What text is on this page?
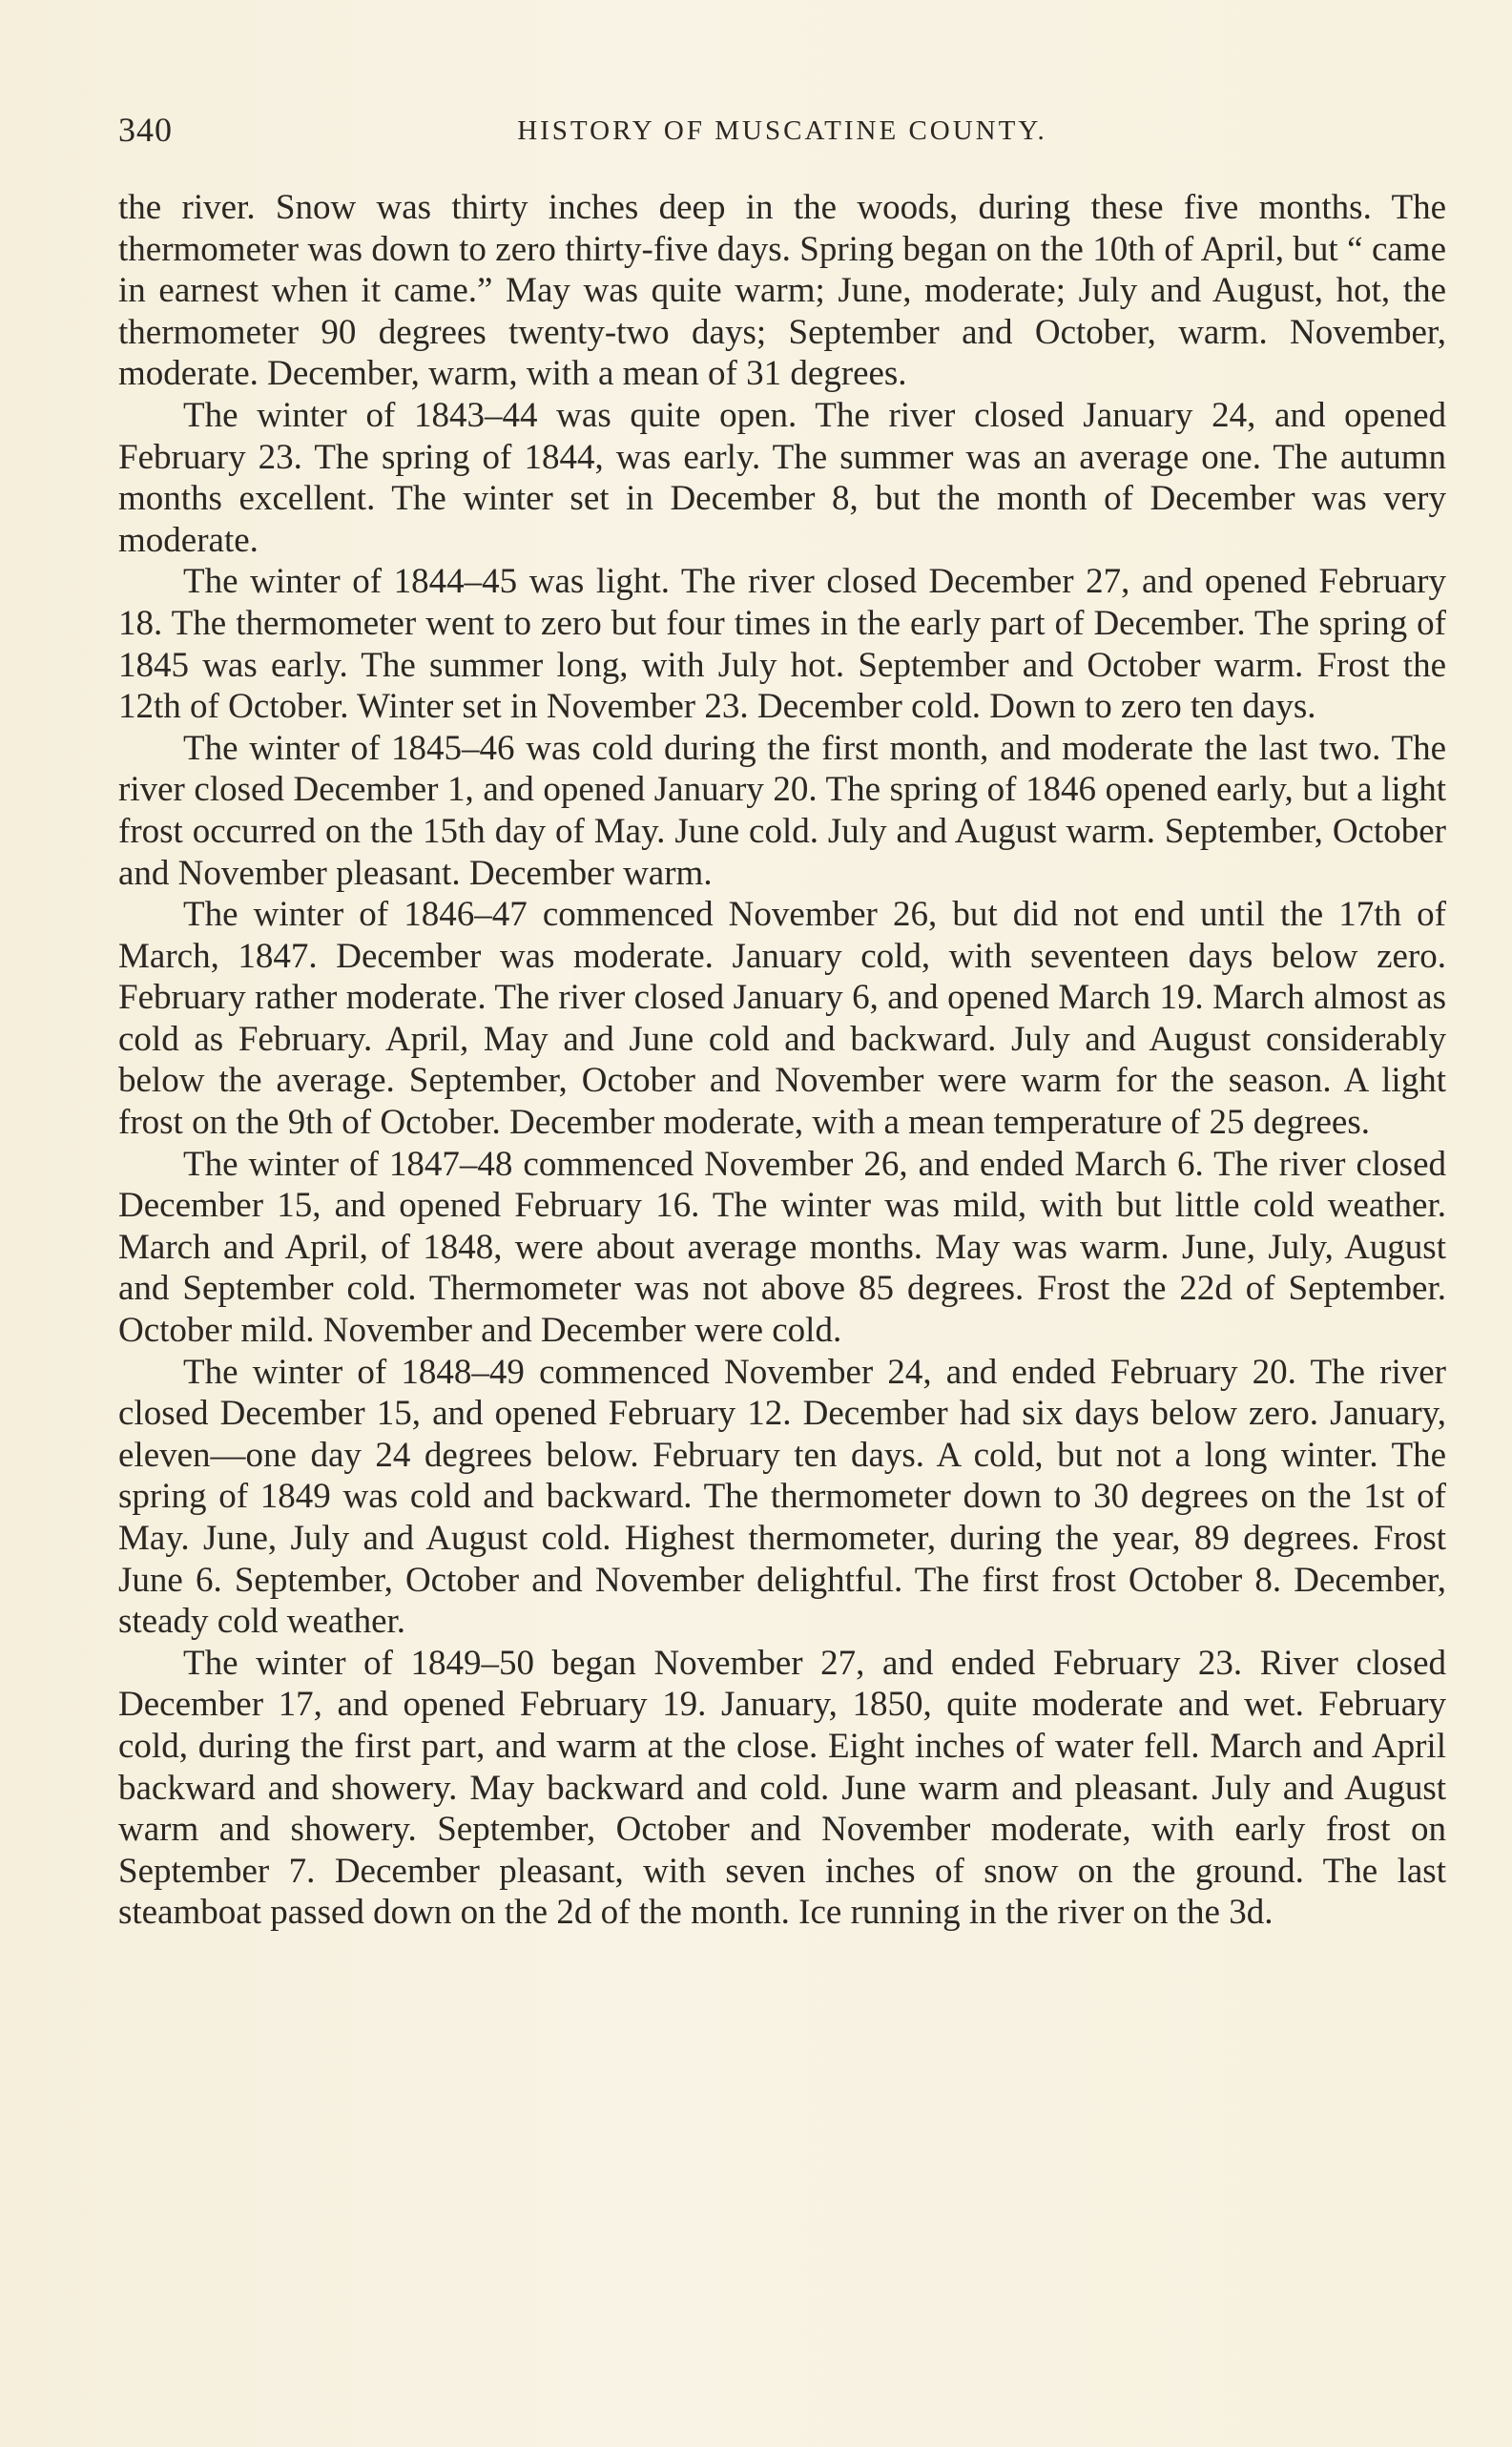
340	HISTORY OF MUSCATINE COUNTY.

the river. Snow was thirty inches deep in the woods, during these five months. The thermometer was down to zero thirty-five days. Spring began on the 10th of April, but “ came in earnest when it came.” May was quite warm; June, moderate; July and August, hot, the thermometer 90 degrees twenty-two days; September and October, warm. November, moderate. December, warm, with a mean of 31 degrees.

The winter of 1843–44 was quite open. The river closed January 24, and opened February 23. The spring of 1844, was early. The summer was an average one. The autumn months excellent. The winter set in December 8, but the month of December was very moderate.

The winter of 1844–45 was light. The river closed December 27, and opened February 18. The thermometer went to zero but four times in the early part of December. The spring of 1845 was early. The summer long, with July hot. September and October warm. Frost the 12th of October. Winter set in November 23. December cold. Down to zero ten days.

The winter of 1845–46 was cold during the first month, and moderate the last two. The river closed December 1, and opened January 20. The spring of 1846 opened early, but a light frost occurred on the 15th day of May. June cold. July and August warm. September, October and November pleasant. December warm.

The winter of 1846–47 commenced November 26, but did not end until the 17th of March, 1847. December was moderate. January cold, with seventeen days below zero. February rather moderate. The river closed January 6, and opened March 19. March almost as cold as February. April, May and June cold and backward. July and August considerably below the average. September, October and November were warm for the season. A light frost on the 9th of October. December moderate, with a mean temperature of 25 degrees.

The winter of 1847–48 commenced November 26, and ended March 6. The river closed December 15, and opened February 16. The winter was mild, with but little cold weather. March and April, of 1848, were about average months. May was warm. June, July, August and September cold. Thermometer was not above 85 degrees. Frost the 22d of September. October mild. November and December were cold.

The winter of 1848–49 commenced November 24, and ended February 20. The river closed December 15, and opened February 12. December had six days below zero. January, eleven—one day 24 degrees below. February ten days. A cold, but not a long winter. The spring of 1849 was cold and backward. The thermometer down to 30 degrees on the 1st of May. June, July and August cold. Highest thermometer, during the year, 89 degrees. Frost June 6. September, October and November delightful. The first frost October 8. December, steady cold weather.

The winter of 1849–50 began November 27, and ended February 23. River closed December 17, and opened February 19. January, 1850, quite moderate and wet. February cold, during the first part, and warm at the close. Eight inches of water fell. March and April backward and showery. May backward and cold. June warm and pleasant. July and August warm and showery. September, October and November moderate, with early frost on September 7. December pleasant, with seven inches of snow on the ground. The last steamboat passed down on the 2d of the month. Ice running in the river on the 3d.
